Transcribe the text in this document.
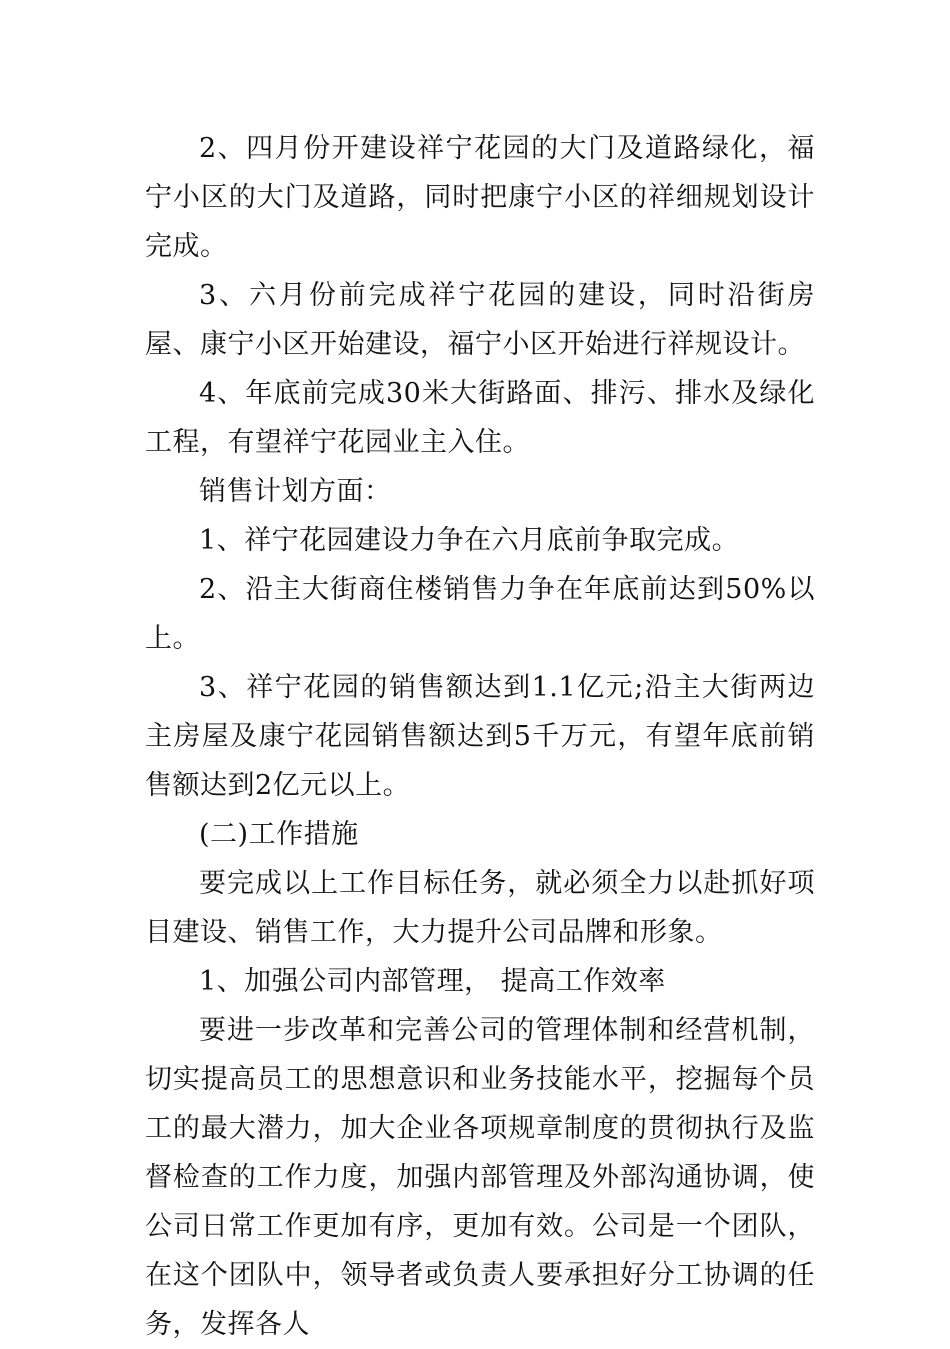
2、四月份开建设祥宁花园的大门及道路绿化，福宁小区的大门及道路，同时把康宁小区的祥细规划设计完成。

3、六月份前完成祥宁花园的建设，同时沿街房屋、康宁小区开始建设，福宁小区开始进行祥规设计。

4、年底前完成30米大街路面、排污、排水及绿化工程，有望祥宁花园业主入住。

销售计划方面：

1、祥宁花园建设力争在六月底前争取完成。

2、沿主大街商住楼销售力争在年底前达到50%以上。

3、祥宁花园的销售额达到1.1亿元;沿主大街两边主房屋及康宁花园销售额达到5千万元，有望年底前销售额达到2亿元以上。

(二)工作措施

要完成以上工作目标任务，就必须全力以赴抓好项目建设、销售工作，大力提升公司品牌和形象。

1、加强公司内部管理， 提高工作效率

要进一步改革和完善公司的管理体制和经营机制，切实提高员工的思想意识和业务技能水平，挖掘每个员工的最大潜力，加大企业各项规章制度的贯彻执行及监督检查的工作力度，加强内部管理及外部沟通协调，使公司日常工作更加有序，更加有效。公司是一个团队，在这个团队中，领导者或负责人要承担好分工协调的任务，发挥各人
